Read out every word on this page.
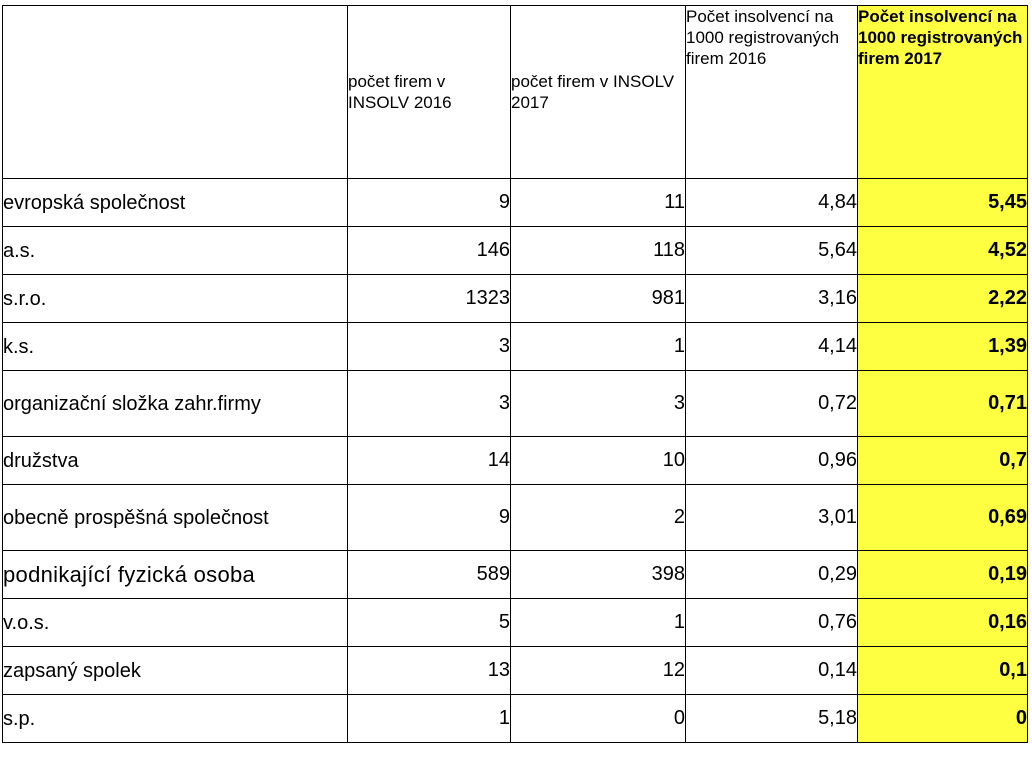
	počet firem v INSOLV 2016	počet firem v INSOLV 2017	Počet insolvencí na 1000 registrovaných firem 2016	Počet insolvencí na 1000 registrovaných firem 2017
evropská společnost	9	11	4,84	5,45
a.s.	146	118	5,64	4,52
s.r.o.	1323	981	3,16	2,22
k.s.	3	1	4,14	1,39
organizační složka zahr.firmy	3	3	0,72	0,71
družstva	14	10	0,96	0,7
obecně prospěšná společnost	9	2	3,01	0,69
podnikající fyzická osoba	589	398	0,29	0,19
v.o.s.	5	1	0,76	0,16
zapsaný spolek	13	12	0,14	0,1
s.p.	1	0	5,18	0
